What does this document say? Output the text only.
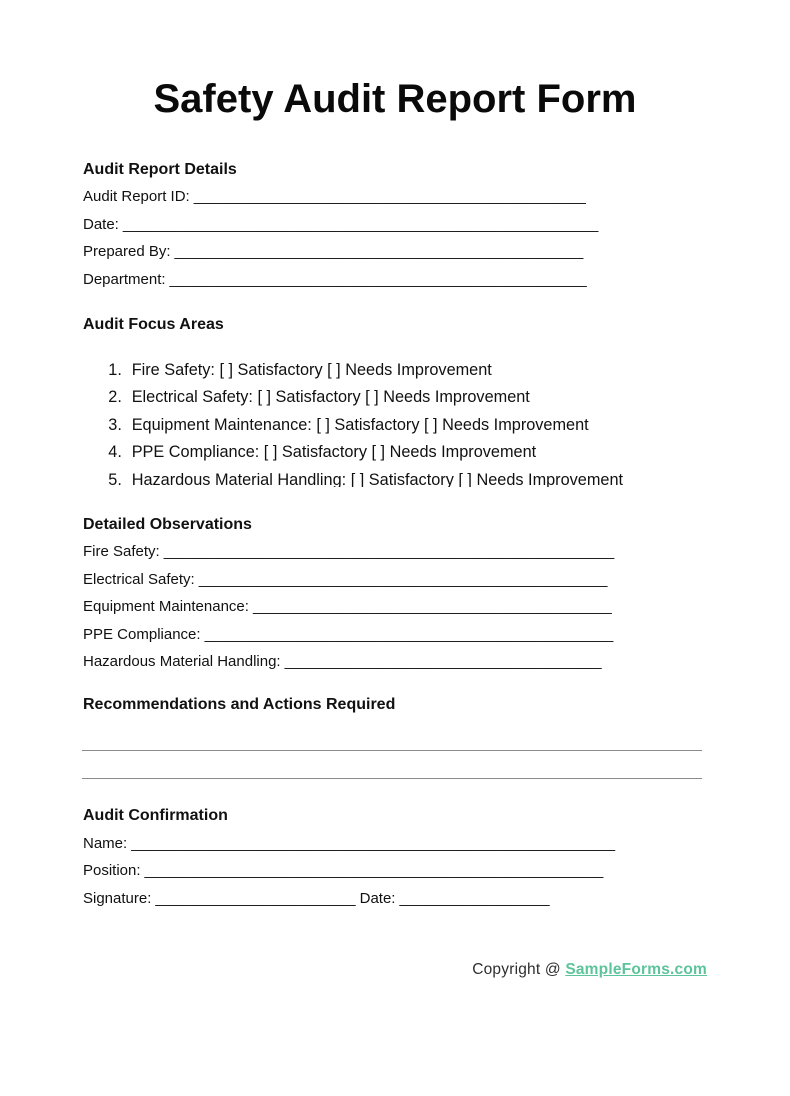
Safety Audit Report Form
Audit Report Details
Audit Report ID: _______________________________________________
Date: _________________________________________________________
Prepared By: _________________________________________________
Department: __________________________________________________
Audit Focus Areas
1. Fire Safety: [ ] Satisfactory [ ] Needs Improvement
2. Electrical Safety: [ ] Satisfactory [ ] Needs Improvement
3. Equipment Maintenance: [ ] Satisfactory [ ] Needs Improvement
4. PPE Compliance: [ ] Satisfactory [ ] Needs Improvement
5. Hazardous Material Handling: [ ] Satisfactory [ ] Needs Improvement
Detailed Observations
Fire Safety: ______________________________________________________
Electrical Safety: _________________________________________________
Equipment Maintenance: ___________________________________________
PPE Compliance: _________________________________________________
Hazardous Material Handling: ______________________________________
Recommendations and Actions Required
Audit Confirmation
Name: __________________________________________________________
Position: _______________________________________________________
Signature: ________________________ Date: __________________
Copyright @ SampleForms.com
